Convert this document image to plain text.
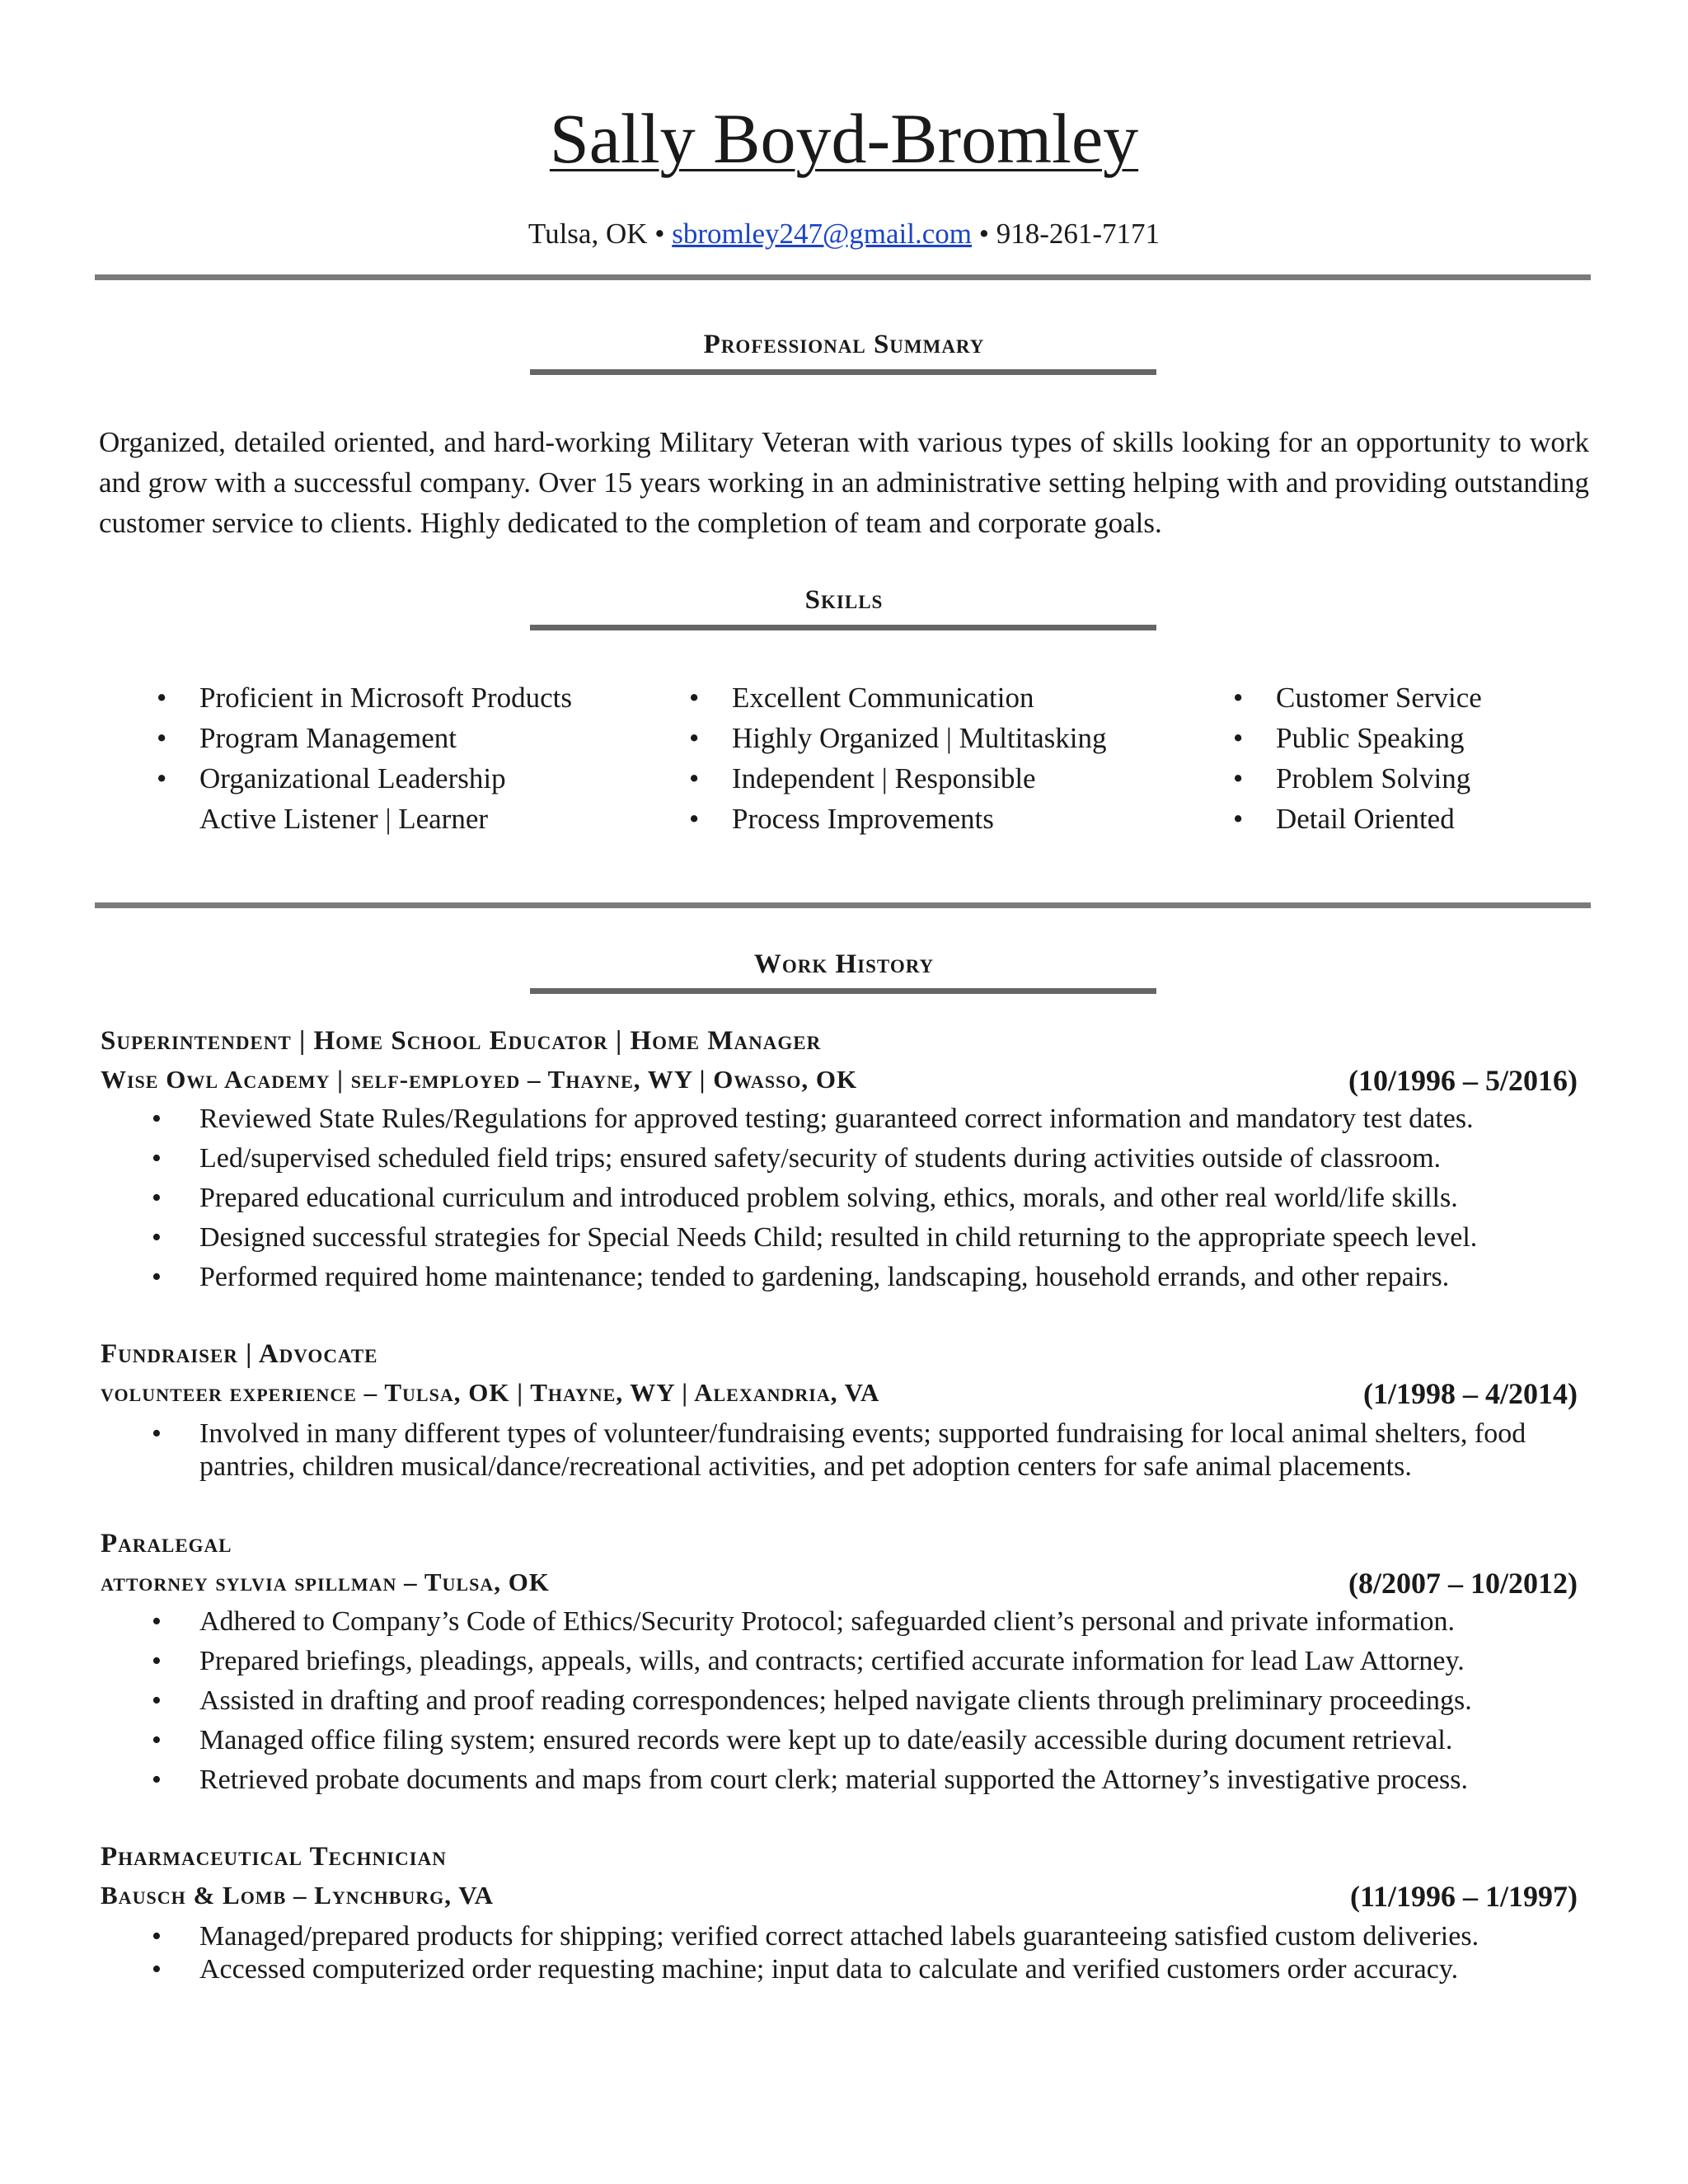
Sally Boyd-Bromley
Tulsa, OK • sbromley247@gmail.com • 918-261-7171
Professional Summary
Organized, detailed oriented, and hard-working Military Veteran with various types of skills looking for an opportunity to work and grow with a successful company. Over 15 years working in an administrative setting helping with and providing outstanding customer service to clients. Highly dedicated to the completion of team and corporate goals.
Skills
• Proficient in Microsoft Products
• Program Management
• Organizational Leadership
Active Listener | Learner
• Excellent Communication
• Highly Organized | Multitasking
• Independent | Responsible
• Process Improvements
• Customer Service
• Public Speaking
• Problem Solving
• Detail Oriented
Work History
Superintendent | Home School Educator | Home Manager
Wise Owl Academy | self-employed – Thayne, WY | Owasso, OK	(10/1996 – 5/2016)
• Reviewed State Rules/Regulations for approved testing; guaranteed correct information and mandatory test dates.
• Led/supervised scheduled field trips; ensured safety/security of students during activities outside of classroom.
• Prepared educational curriculum and introduced problem solving, ethics, morals, and other real world/life skills.
• Designed successful strategies for Special Needs Child; resulted in child returning to the appropriate speech level.
• Performed required home maintenance; tended to gardening, landscaping, household errands, and other repairs.
Fundraiser | Advocate
volunteer experience – Tulsa, OK | Thayne, WY | Alexandria, VA	(1/1998 – 4/2014)
• Involved in many different types of volunteer/fundraising events; supported fundraising for local animal shelters, food pantries, children musical/dance/recreational activities, and pet adoption centers for safe animal placements.
Paralegal
attorney sylvia spillman – Tulsa, OK	(8/2007 – 10/2012)
• Adhered to Company’s Code of Ethics/Security Protocol; safeguarded client’s personal and private information.
• Prepared briefings, pleadings, appeals, wills, and contracts; certified accurate information for lead Law Attorney.
• Assisted in drafting and proof reading correspondences; helped navigate clients through preliminary proceedings.
• Managed office filing system; ensured records were kept up to date/easily accessible during document retrieval.
• Retrieved probate documents and maps from court clerk; material supported the Attorney’s investigative process.
Pharmaceutical Technician
Bausch & Lomb – Lynchburg, VA	(11/1996 – 1/1997)
• Managed/prepared products for shipping; verified correct attached labels guaranteeing satisfied custom deliveries.
• Accessed computerized order requesting machine; input data to calculate and verified customers order accuracy.
